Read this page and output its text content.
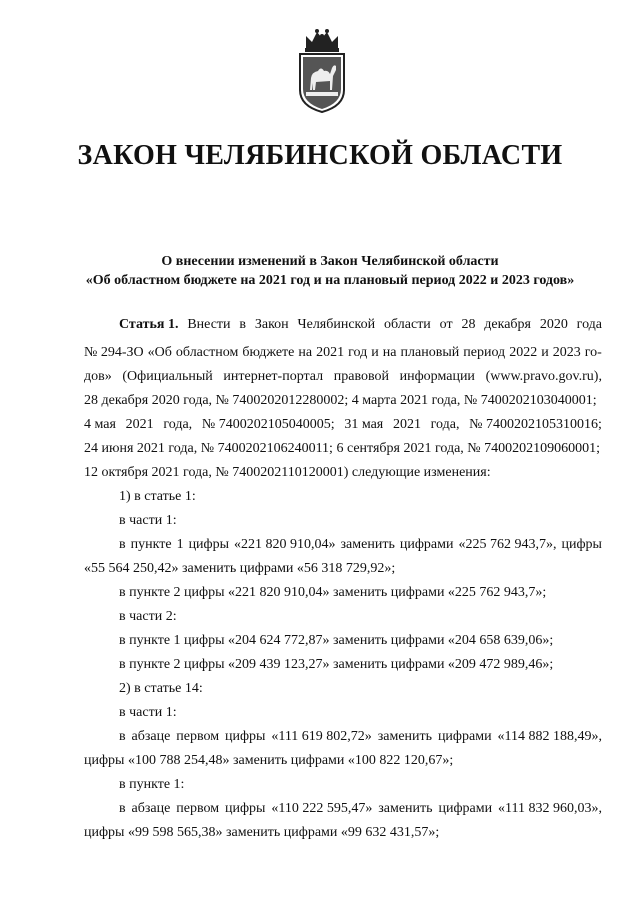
ЗАКОН ЧЕЛЯБИНСКОЙ ОБЛАСТИ
О внесении изменений в Закон Челябинской области
«Об областном бюджете на 2021 год и на плановый период 2022 и 2023 годов»
Статья 1. Внести в Закон Челябинской области от 28 декабря 2020 года
№ 294-ЗО «Об областном бюджете на 2021 год и на плановый период 2022 и 2023 го-
дов» (Официальный интернет-портал правовой информации (www.pravo.gov.ru),
28 декабря 2020 года, № 7400202012280002; 4 марта 2021 года, № 7400202103040001;
4 мая 2021 года, № 7400202105040005; 31 мая 2021 года, № 7400202105310016;
24 июня 2021 года, № 7400202106240011; 6 сентября 2021 года, № 7400202109060001;
12 октября 2021 года, № 7400202110120001) следующие изменения:
1) в статье 1:
в части 1:
в пункте 1 цифры «221 820 910,04» заменить цифрами «225 762 943,7», цифры
«55 564 250,42» заменить цифрами «56 318 729,92»;
в пункте 2 цифры «221 820 910,04» заменить цифрами «225 762 943,7»;
в части 2:
в пункте 1 цифры «204 624 772,87» заменить цифрами «204 658 639,06»;
в пункте 2 цифры «209 439 123,27» заменить цифрами «209 472 989,46»;
2) в статье 14:
в части 1:
в абзаце первом цифры «111 619 802,72» заменить цифрами «114 882 188,49»,
цифры «100 788 254,48» заменить цифрами «100 822 120,67»;
в пункте 1:
в абзаце первом цифры «110 222 595,47» заменить цифрами «111 832 960,03»,
цифры «99 598 565,38» заменить цифрами «99 632 431,57»;
